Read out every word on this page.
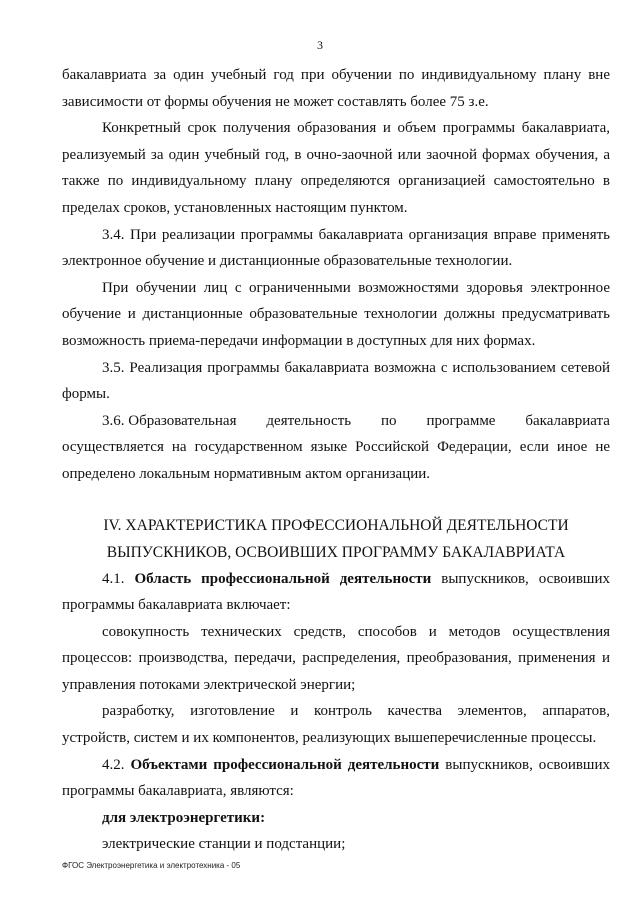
3

бакалавриата за один учебный год при обучении по индивидуальному плану вне зависимости от формы обучения не может составлять более 75 з.е.

Конкретный срок получения образования и объем программы бакалавриата, реализуемый за один учебный год, в очно-заочной или заочной формах обучения, а также по индивидуальному плану определяются организацией самостоятельно в пределах сроков, установленных настоящим пунктом.

3.4. При реализации программы бакалавриата организация вправе применять электронное обучение и дистанционные образовательные технологии.

При обучении лиц с ограниченными возможностями здоровья электронное обучение и дистанционные образовательные технологии должны предусматривать возможность приема-передачи информации в доступных для них формах.

3.5. Реализация программы бакалавриата возможна с использованием сетевой формы.

3.6. Образовательная деятельность по программе бакалавриата

осуществляется на государственном языке Российской Федерации, если иное не определено локальным нормативным актом организации.

IV. ХАРАКТЕРИСТИКА ПРОФЕССИОНАЛЬНОЙ ДЕЯТЕЛЬНОСТИ
ВЫПУСКНИКОВ, ОСВОИВШИХ ПРОГРАММУ БАКАЛАВРИАТА

4.1. Область профессиональной деятельности выпускников, освоивших программы бакалавриата включает:

совокупность технических средств, способов и методов осуществления процессов: производства, передачи, распределения, преобразования, применения и управления потоками электрической энергии;

разработку, изготовление и контроль качества элементов, аппаратов, устройств, систем и их компонентов, реализующих вышеперечисленные процессы.

4.2. Объектами профессиональной деятельности выпускников, освоивших программы бакалавриата, являются:

для электроэнергетики:

электрические станции и подстанции;

ФГОС Электроэнергетика и электротехника - 05
